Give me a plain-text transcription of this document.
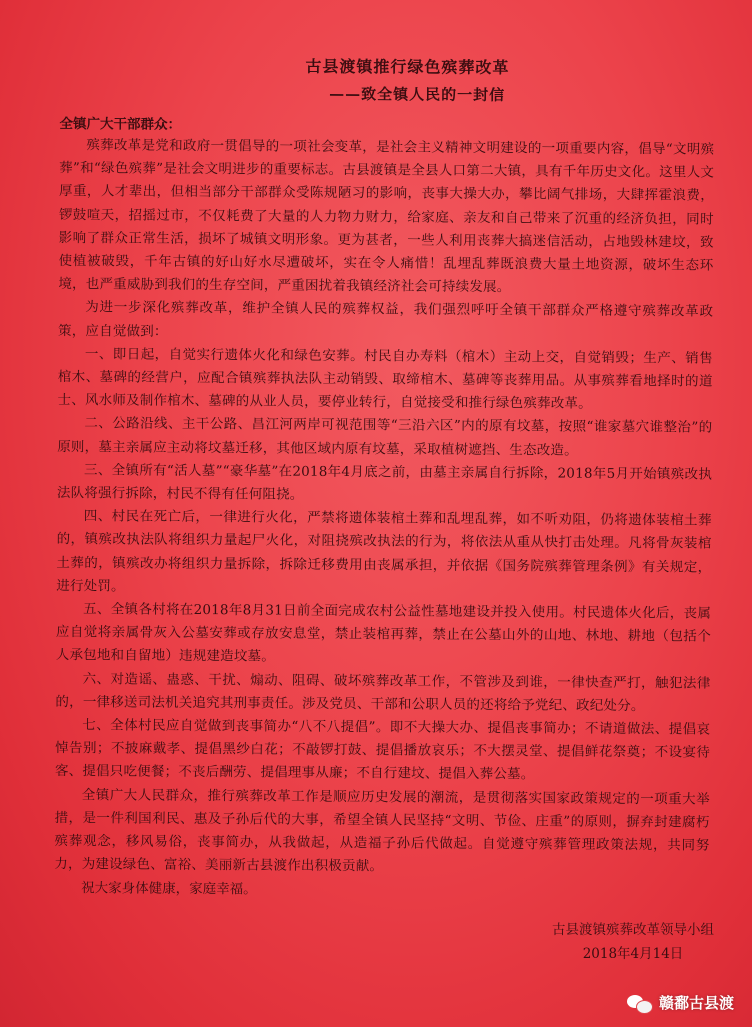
古县渡镇推行绿色殡葬改革
——致全镇人民的一封信
全镇广大干部群众：

殡葬改革是党和政府一贯倡导的一项社会变革，是社会主义精神文明建设的一项重要内容，倡导“文明殡葬”和“绿色殡葬”是社会文明进步的重要标志。古县渡镇是全县人口第二大镇，具有千年历史文化。这里人文厚重，人才辈出，但相当部分干部群众受陈规陋习的影响，丧事大操大办，攀比阔气排场，大肆挥霍浪费，锣鼓喧天，招摇过市，不仅耗费了大量的人力物力财力，给家庭、亲友和自己带来了沉重的经济负担，同时影响了群众正常生活，损坏了城镇文明形象。更为甚者，一些人利用丧葬大搞迷信活动，占地毁林建坟，致使植被破毁，千年古镇的好山好水尽遭破坏，实在令人痛惜！乱埋乱葬既浪费大量土地资源，破坏生态环境，也严重威胁到我们的生存空间，严重困扰着我镇经济社会可持续发展。

为进一步深化殡葬改革，维护全镇人民的殡葬权益，我们强烈呼吁全镇干部群众严格遵守殡葬改革政策，应自觉做到：

一、即日起，自觉实行遗体火化和绿色安葬。村民自办寿料（棺木）主动上交，自觉销毁；生产、销售棺木、墓碑的经营户，应配合镇殡葬执法队主动销毁、取缔棺木、墓碑等丧葬用品。从事殡葬看地择时的道士、风水师及制作棺木、墓碑的从业人员，要停业转行，自觉接受和推行绿色殡葬改革。

二、公路沿线、主干公路、昌江河两岸可视范围等“三沿六区”内的原有坟墓，按照“谁家墓穴谁整治”的原则，墓主亲属应主动将坟墓迁移，其他区域内原有坟墓，采取植树遮挡、生态改造。

三、全镇所有“活人墓”“豪华墓”在2018年4月底之前，由墓主亲属自行拆除，2018年5月开始镇殡改执法队将强行拆除，村民不得有任何阻挠。

四、村民在死亡后，一律进行火化，严禁将遗体装棺土葬和乱埋乱葬，如不听劝阻，仍将遗体装棺土葬的，镇殡改执法队将组织力量起尸火化，对阻挠殡改执法的行为，将依法从重从快打击处理。凡将骨灰装棺土葬的，镇殡改办将组织力量拆除，拆除迁移费用由丧属承担，并依据《国务院殡葬管理条例》有关规定，进行处罚。

五、全镇各村将在2018年8月31日前全面完成农村公益性墓地建设并投入使用。村民遗体火化后，丧属应自觉将亲属骨灰入公墓安葬或存放安息堂，禁止装棺再葬，禁止在公墓山外的山地、林地、耕地（包括个人承包地和自留地）违规建造坟墓。

六、对造谣、蛊惑、干扰、煽动、阻碍、破坏殡葬改革工作，不管涉及到谁，一律快查严打，触犯法律的，一律移送司法机关追究其刑事责任。涉及党员、干部和公职人员的还将给予党纪、政纪处分。

七、全体村民应自觉做到丧事简办“八不八提倡”。即不大操大办、提倡丧事简办；不请道做法、提倡哀悼告别；不披麻戴孝、提倡黑纱白花；不敲锣打鼓、提倡播放哀乐；不大摆灵堂、提倡鲜花祭奠；不设宴待客、提倡只吃便餐；不丧后酬劳、提倡理事从廉；不自行建坟、提倡入葬公墓。

全镇广大人民群众，推行殡葬改革工作是顺应历史发展的潮流，是贯彻落实国家政策规定的一项重大举措，是一件利国利民、惠及子孙后代的大事，希望全镇人民坚持“文明、节俭、庄重”的原则，摒弃封建腐朽殡葬观念，移风易俗，丧事简办，从我做起，从造福子孙后代做起。自觉遵守殡葬管理政策法规，共同努力，为建设绿色、富裕、美丽新古县渡作出积极贡献。

祝大家身体健康，家庭幸福。

古县渡镇殡葬改革领导小组
2018年4月14日
赣鄱古县渡
